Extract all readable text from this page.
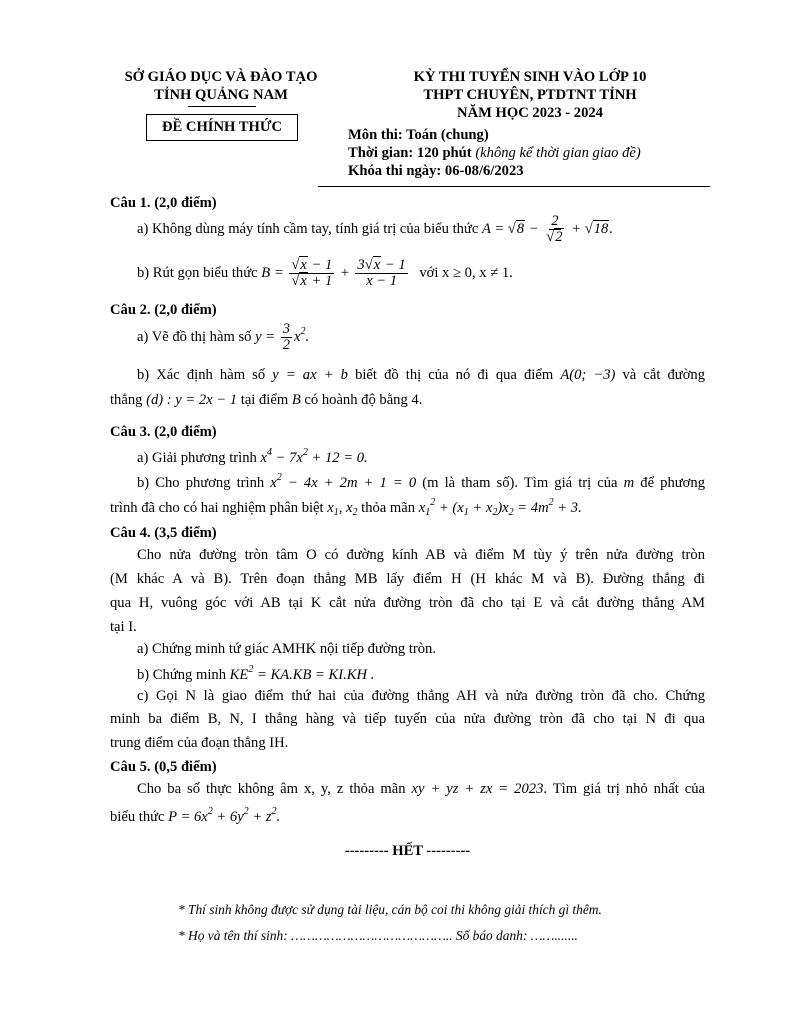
SỞ GIÁO DỤC VÀ ĐÀO TẠO
TỈNH QUẢNG NAM
ĐỀ CHÍNH THỨC
KỲ THI TUYỂN SINH VÀO LỚP 10
THPT CHUYÊN, PTDTNT TỈNH
NĂM HỌC 2023 - 2024
Môn thi: Toán (chung)
Thời gian: 120 phút (không kể thời gian giao đề)
Khóa thi ngày: 06-08/6/2023
Câu 1. (2,0 điểm)
a) Không dùng máy tính cầm tay, tính giá trị của biểu thức $A = √8 - \frac{2}{√2} + √18$.
b) Rút gọn biểu thức $B = \frac{√x - 1}{√x + 1} + \frac{3√x - 1}{x - 1}$ với x ≥ 0, x ≠ 1.
Câu 2. (2,0 điểm)
a) Vẽ đồ thị hàm số $y = \frac{3}{2} x^2$.
b) Xác định hàm số y = ax + b biết đồ thị của nó đi qua điểm A(0; −3) và cắt đường
thẳng (d) : y = 2x − 1 tại điểm B có hoành độ bằng 4.
Câu 3. (2,0 điểm)
a) Giải phương trình $x^4 - 7x^2 + 12 = 0$.
b) Cho phương trình $x^2 - 4x + 2m + 1 = 0$ (m là tham số). Tìm giá trị của m để phương
trình đã cho có hai nghiệm phân biệt $x_1$, $x_2$ thỏa mãn $x_1^2 + (x_1 + x_2)x_2 = 4m^2 + 3$.
Câu 4. (3,5 điểm)
Cho nửa đường tròn tâm O có đường kính AB và điểm M tùy ý trên nửa đường tròn
(M khác A và B). Trên đoạn thẳng MB lấy điểm H (H khác M và B). Đường thẳng đi
qua H, vuông góc với AB tại K cắt nửa đường tròn đã cho tại E và cắt đường thẳng AM
tại I.
a) Chứng minh tứ giác AMHK nội tiếp đường tròn.
b) Chứng minh $KE^2 = KA.KB = KI.KH$ .
c) Gọi N là giao điểm thứ hai của đường thẳng AH và nửa đường tròn đã cho. Chứng
minh ba điểm B, N, I thẳng hàng và tiếp tuyến của nửa đường tròn đã cho tại N đi qua
trung điểm của đoạn thẳng IH.
Câu 5. (0,5 điểm)
Cho ba số thực không âm x, y, z thỏa mãn xy + yz + zx = 2023. Tìm giá trị nhỏ nhất của
biểu thức $P = 6x^2 + 6y^2 + z^2$.
--------- HẾT ---------
* Thí sinh không được sử dụng tài liệu, cán bộ coi thi không giải thích gì thêm.
* Họ và tên thí sinh: ………………………………….. Số báo danh: …….......
